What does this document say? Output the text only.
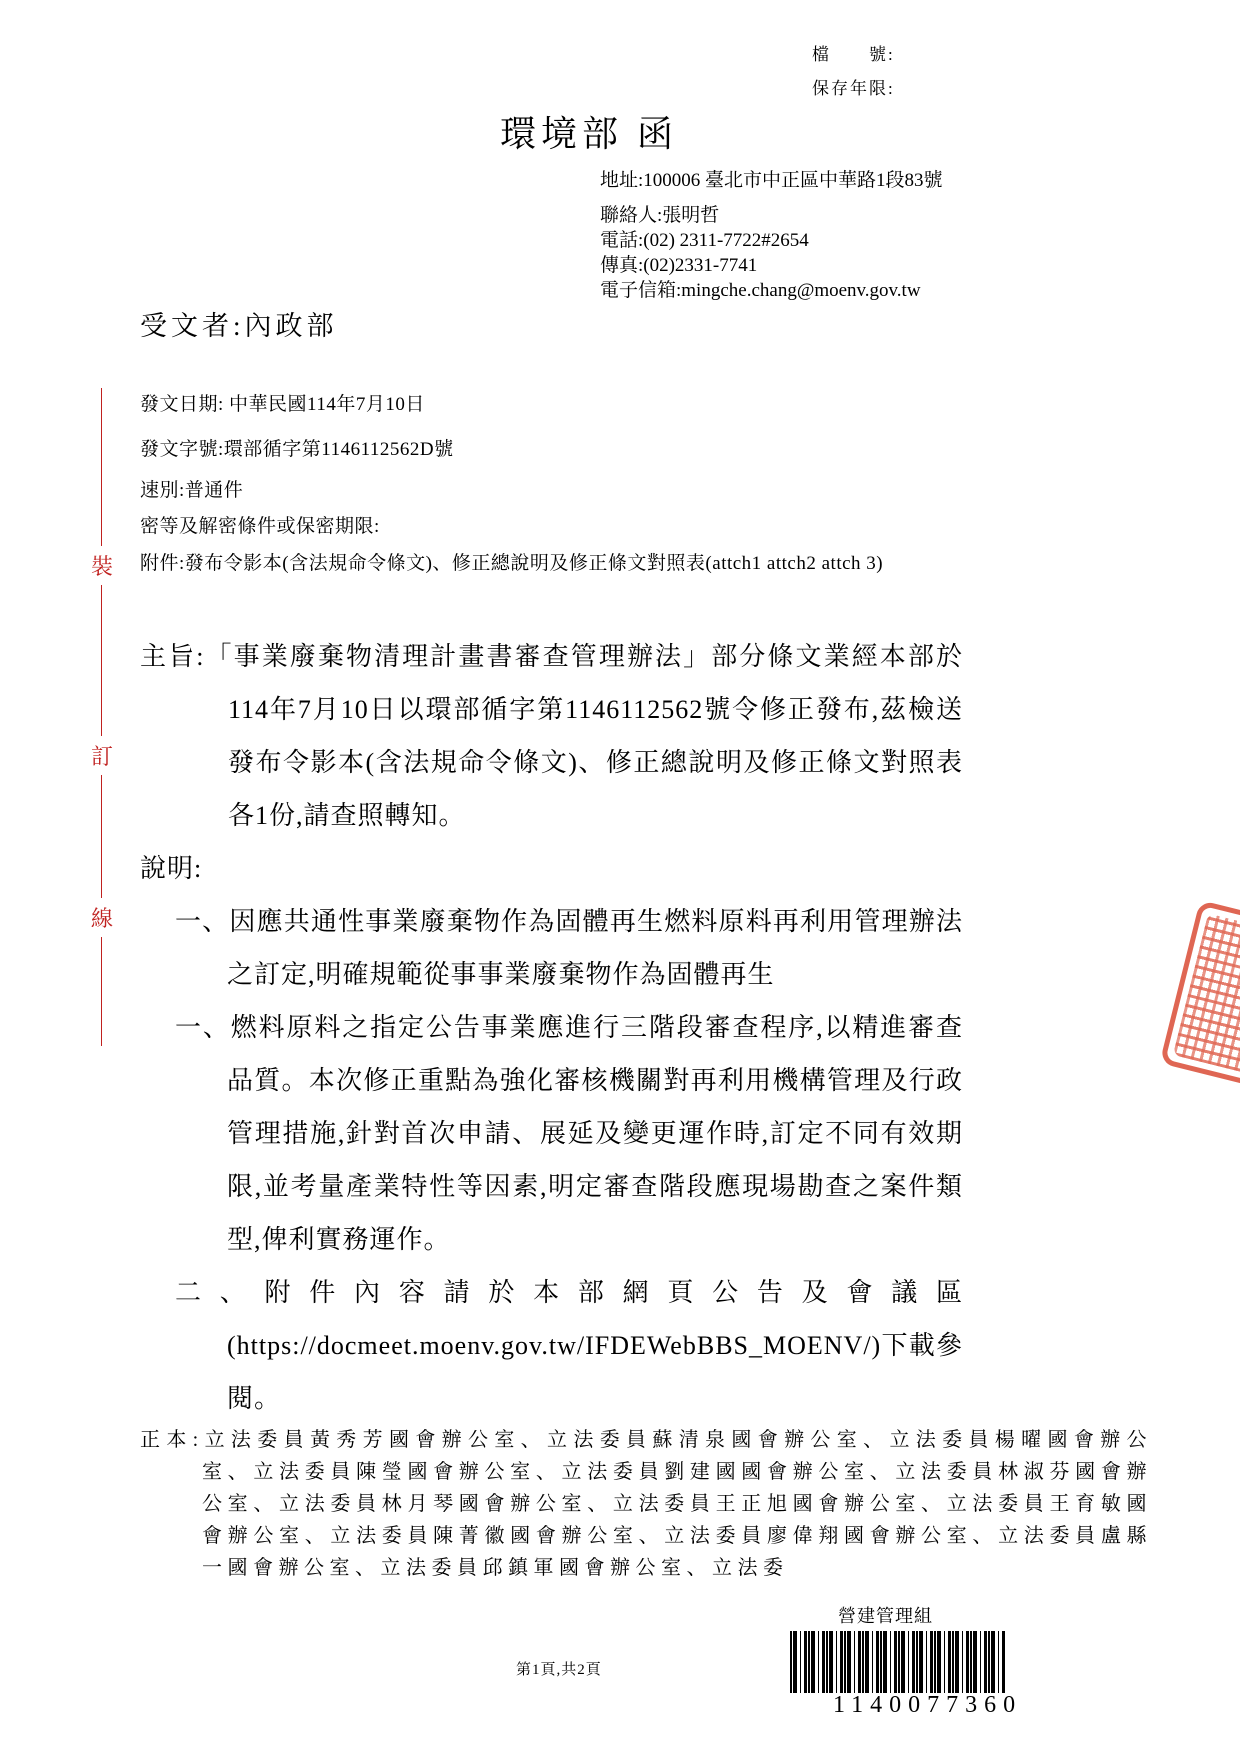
檔　　號:
保存年限:
環境部 函
地址:100006 臺北市中正區中華路1段83號
聯絡人:張明哲
電話:(02) 2311-7722#2654
傳真:(02)2331-7741
電子信箱:mingche.chang@moenv.gov.tw
受文者:內政部
發文日期: 中華民國114年7月10日
發文字號:環部循字第1146112562D號
速別:普通件
密等及解密條件或保密期限:
附件:發布令影本(含法規命令條文)、修正總說明及修正條文對照表(attch1 attch2 attch 3)
主旨:「事業廢棄物清理計畫書審查管理辦法」部分條文業經本部於114年7月10日以環部循字第1146112562號令修正發布,茲檢送發布令影本(含法規命令條文)、修正總說明及修正條文對照表各1份,請查照轉知。
說明:
一、因應共通性事業廢棄物作為固體再生燃料原料再利用管理辦法之訂定,明確規範從事事業廢棄物作為固體再生
一、燃料原料之指定公告事業應進行三階段審查程序,以精進審查品質。本次修正重點為強化審核機關對再利用機構管理及行政管理措施,針對首次申請、展延及變更運作時,訂定不同有效期限,並考量產業特性等因素,明定審查階段應現場勘查之案件類型,俾利實務運作。
二、附件內容請於本部網頁公告及會議區(https://docmeet.moenv.gov.tw/IFDEWebBBS_MOENV/)下載參閱。
正本:立法委員黃秀芳國會辦公室、立法委員蘇清泉國會辦公室、立法委員楊曜國會辦公室、立法委員陳瑩國會辦公室、立法委員劉建國國會辦公室、立法委員林淑芬國會辦公室、立法委員林月琴國會辦公室、立法委員王正旭國會辦公室、立法委員王育敏國會辦公室、立法委員陳菁徽國會辦公室、立法委員廖偉翔國會辦公室、立法委員盧縣一國會辦公室、立法委員邱鎮軍國會辦公室、立法委
裝
訂
線
營建管理組
1140077360
第1頁,共2頁
